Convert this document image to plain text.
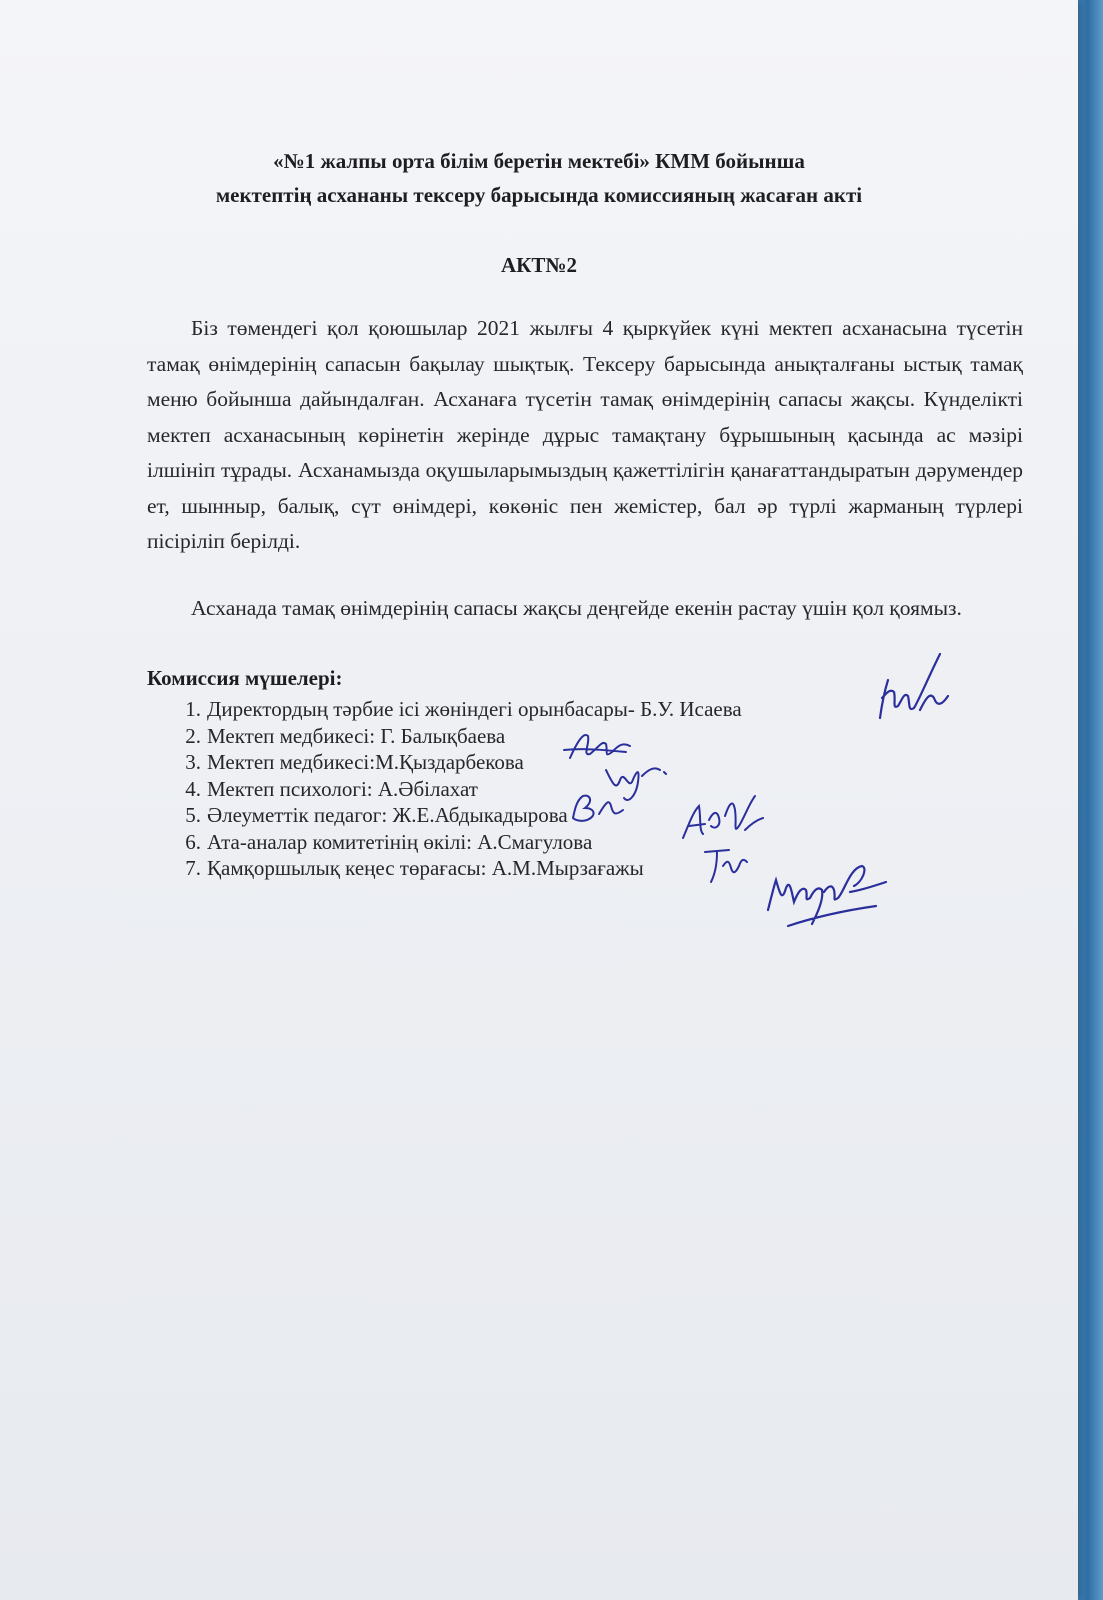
«№1 жалпы орта білім беретін мектебі» КММ бойынша
мектептің асхананы тексеру барысында комиссияның жасаған акті
АКТ№2

Біз төмендегі қол қоюшылар 2021 жылғы 4 қыркүйек күні мектеп асханасына түсетін тамақ өнімдерінің сапасын бақылау шықтық. Тексеру барысында анықталғаны ыстық тамақ меню бойынша дайындалған. Асханаға түсетін тамақ өнімдерінің сапасы жақсы. Күнделікті мектеп асханасының көрінетін жерінде дұрыс тамақтану бұрышының қасында ас мәзірі ілшініп тұрады. Асханамызда оқушыларымыздың қажеттілігін қанағаттандыратын дәрумендер ет, шынныр, балық, сүт өнімдері, көкөніс пен жемістер, бал әр түрлі жарманың түрлері пісіріліп берілді.

Асханада тамақ өнімдерінің сапасы жақсы деңгейде екенін растау үшін қол қоямыз.

Комиссия мүшелері:
1. Директордың тәрбие ісі жөніндегі орынбасары- Б.У. Исаева
2. Мектеп медбикесі: Г. Балықбаева
3. Мектеп медбикесі:М.Қыздарбекова
4. Мектеп психологі: А.Әбілахат
5. Әлеуметтік педагог: Ж.Е.Абдыкадырова
6. Ата-аналар комитетінің өкілі: А.Смагулова
7. Қамқоршылық кеңес төрағасы: А.М.Мырзағажы
